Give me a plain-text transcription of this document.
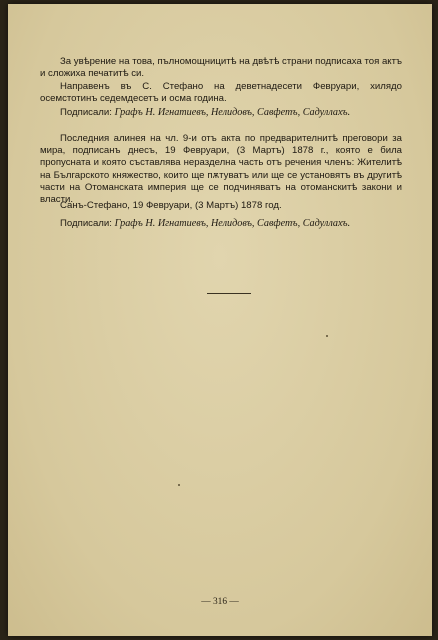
За увѣрение на това, пълномощницитѣ на двѣтѣ страни подписаха тоя актъ и сложиха печатитѣ си.
Направенъ въ С. Стефано на деветнадесети Февруари, хилядо осемстотинъ седемдесетъ и осма година.
Подписали: Графъ Н. Игнатиевъ, Нелидовъ, Савфетъ, Садуллахъ.
Последния алинея на чл. 9-и отъ акта по предварителнитѣ преговори за мира, подписанъ днесъ, 19 Февруари, (3 Мартъ) 1878 г., която е била пропусната и която съставлява неразделна часть отъ речения членъ: Жителитѣ на Българското княжество, които ще пѫтуватъ или ще се установятъ въ другитѣ части на Отоманската империя ще се подчиняватъ на отоманскитѣ закони и власти.
Санъ-Стефано, 19 Февруари, (3 Мартъ) 1878 год.
Подписали: Графъ Н. Игнатиевъ, Нелидовъ, Савфетъ, Садуллахъ.
— 316 —
